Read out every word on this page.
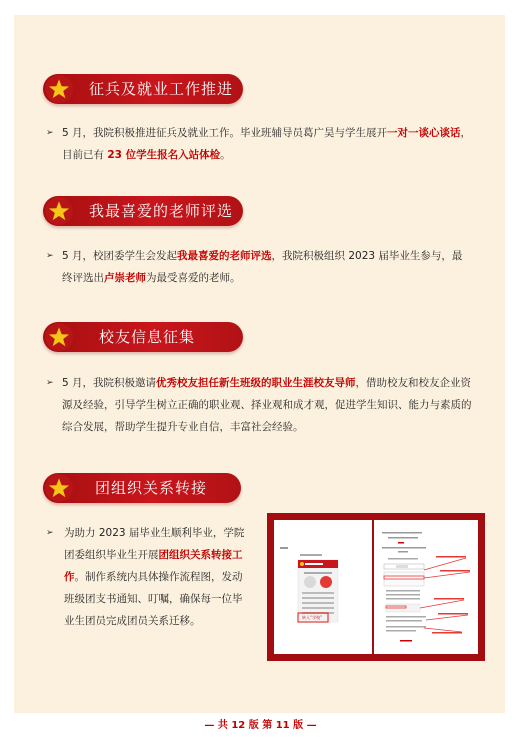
征兵及就业工作推进
➢ 5 月，我院积极推进征兵及就业工作。毕业班辅导员葛广昊与学生展开一对一谈心谈话，目前已有 23 位学生报名入站体检。
我最喜爱的老师评选
➢ 5 月，校团委学生会发起我最喜爱的老师评选，我院积极组织 2023 届毕业生参与，最终评选出卢崇老师为最受喜爱的老师。
校友信息征集
➢ 5 月，我院积极邀请优秀校友担任新生班级的职业生涯校友导师，借助校友和校友企业资源及经验，引导学生树立正确的职业观、择业观和成才观，促进学生知识、能力与素质的综合发展，帮助学生提升专业自信，丰富社会经验。
团组织关系转接
➢ 为助力 2023 届毕业生顺利毕业，学院团委组织毕业生开展团组织关系转接工作。制作系统内具体操作流程图，发动班级团支书通知、叮嘱，确保每一位毕业生团员完成团员关系迁移。	转入“学校”
— 共 12 版 第 11 版 —
